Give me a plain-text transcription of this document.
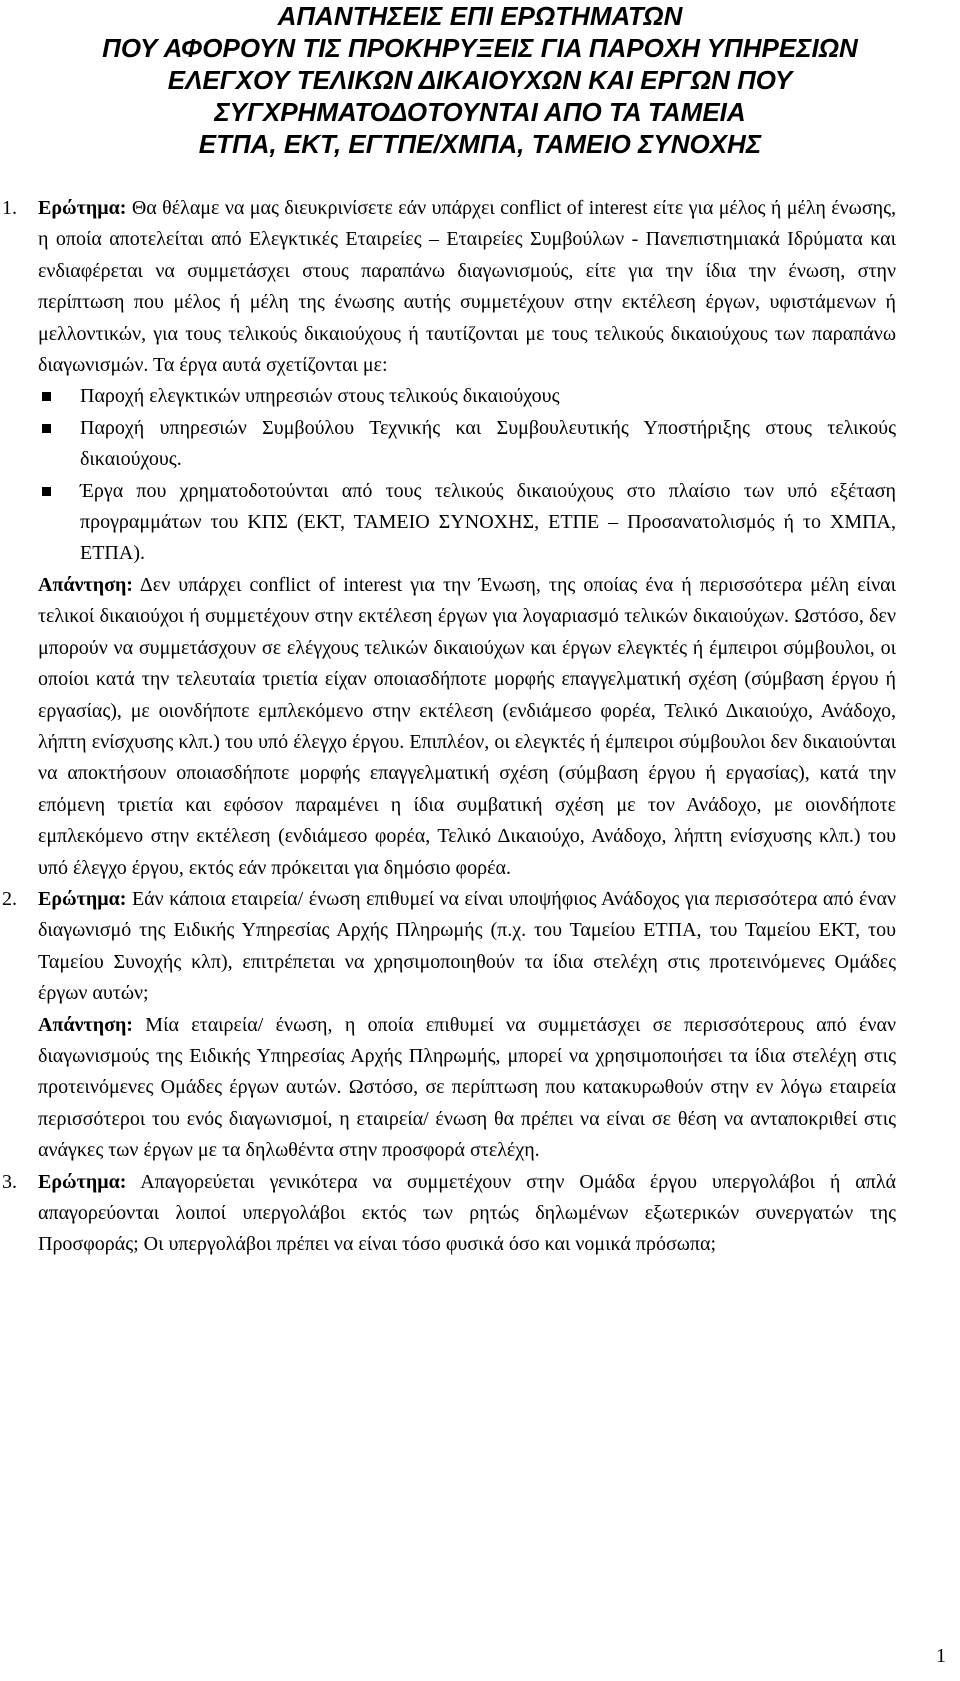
ΑΠΑΝΤΗΣΕΙΣ ΕΠΙ ΕΡΩΤΗΜΑΤΩΝ
ΠΟΥ ΑΦΟΡΟΥΝ ΤΙΣ ΠΡΟΚΗΡΥΞΕΙΣ ΓΙΑ ΠΑΡΟΧΗ ΥΠΗΡΕΣΙΩΝ
ΕΛΕΓΧΟΥ ΤΕΛΙΚΩΝ ΔΙΚΑΙΟΥΧΩΝ ΚΑΙ ΕΡΓΩΝ ΠΟΥ
ΣΥΓΧΡΗΜΑΤΟΔΟΤΟΥΝΤΑΙ ΑΠΟ ΤΑ ΤΑΜΕΙΑ
ΕΤΠΑ, ΕΚΤ, ΕΓΤΠΕ/ΧΜΠΑ, ΤΑΜΕΙΟ ΣΥΝΟΧΗΣ
1. Ερώτημα: Θα θέλαμε να μας διευκρινίσετε εάν υπάρχει conflict of interest είτε για μέλος ή μέλη ένωσης, η οποία αποτελείται από Ελεγκτικές Εταιρείες – Εταιρείες Συμβούλων - Πανεπιστημιακά Ιδρύματα και ενδιαφέρεται να συμμετάσχει στους παραπάνω διαγωνισμούς, είτε για την ίδια την ένωση, στην περίπτωση που μέλος ή μέλη της ένωσης αυτής συμμετέχουν στην εκτέλεση έργων, υφιστάμενων ή μελλοντικών, για τους τελικούς δικαιούχους ή ταυτίζονται με τους τελικούς δικαιούχους των παραπάνω διαγωνισμών. Τα έργα αυτά σχετίζονται με:

Παροχή ελεγκτικών υπηρεσιών στους τελικούς δικαιούχους
Παροχή υπηρεσιών Συμβούλου Τεχνικής και Συμβουλευτικής Υποστήριξης στους τελικούς δικαιούχους.
Έργα που χρηματοδοτούνται από τους τελικούς δικαιούχους στο πλαίσιο των υπό εξέταση προγραμμάτων του ΚΠΣ (ΕΚΤ, ΤΑΜΕΙΟ ΣΥΝΟΧΗΣ, ΕΤΠΕ – Προσανατολισμός ή το ΧΜΠΑ, ΕΤΠΑ).

Απάντηση: Δεν υπάρχει conflict of interest για την Ένωση, της οποίας ένα ή περισσότερα μέλη είναι τελικοί δικαιούχοι ή συμμετέχουν στην εκτέλεση έργων για λογαριασμό τελικών δικαιούχων. Ωστόσο, δεν μπορούν να συμμετάσχουν σε ελέγχους τελικών δικαιούχων και έργων ελεγκτές ή έμπειροι σύμβουλοι, οι οποίοι κατά την τελευταία τριετία είχαν οποιασδήποτε μορφής επαγγελματική σχέση (σύμβαση έργου ή εργασίας), με οιονδήποτε εμπλεκόμενο στην εκτέλεση (ενδιάμεσο φορέα, Τελικό Δικαιούχο, Ανάδοχο, λήπτη ενίσχυσης κλπ.) του υπό έλεγχο έργου. Επιπλέον, οι ελεγκτές ή έμπειροι σύμβουλοι δεν δικαιούνται να αποκτήσουν οποιασδήποτε μορφής επαγγελματική σχέση (σύμβαση έργου ή εργασίας), κατά την επόμενη τριετία και εφόσον παραμένει η ίδια συμβατική σχέση με τον Ανάδοχο, με οιονδήποτε εμπλεκόμενο στην εκτέλεση (ενδιάμεσο φορέα, Τελικό Δικαιούχο, Ανάδοχο, λήπτη ενίσχυσης κλπ.) του υπό έλεγχο έργου, εκτός εάν πρόκειται για δημόσιο φορέα.

2. Ερώτημα: Εάν κάποια εταιρεία/ ένωση επιθυμεί να είναι υποψήφιος Ανάδοχος για περισσότερα από έναν διαγωνισμό της Ειδικής Υπηρεσίας Αρχής Πληρωμής (π.χ. του Ταμείου ΕΤΠΑ, του Ταμείου ΕΚΤ, του Ταμείου Συνοχής κλπ), επιτρέπεται να χρησιμοποιηθούν τα ίδια στελέχη στις προτεινόμενες Ομάδες έργων αυτών;

Απάντηση: Μία εταιρεία/ ένωση, η οποία επιθυμεί να συμμετάσχει σε περισσότερους από έναν διαγωνισμούς της Ειδικής Υπηρεσίας Αρχής Πληρωμής, μπορεί να χρησιμοποιήσει τα ίδια στελέχη στις προτεινόμενες Ομάδες έργων αυτών. Ωστόσο, σε περίπτωση που κατακυρωθούν στην εν λόγω εταιρεία περισσότεροι του ενός διαγωνισμοί, η εταιρεία/ ένωση θα πρέπει να είναι σε θέση να ανταποκριθεί στις ανάγκες των έργων με τα δηλωθέντα στην προσφορά στελέχη.

3. Ερώτημα: Απαγορεύεται γενικότερα να συμμετέχουν στην Ομάδα έργου υπεργολάβοι ή απλά απαγορεύονται λοιποί υπεργολάβοι εκτός των ρητώς δηλωμένων εξωτερικών συνεργατών της Προσφοράς; Οι υπεργολάβοι πρέπει να είναι τόσο φυσικά όσο και νομικά πρόσωπα;

1
